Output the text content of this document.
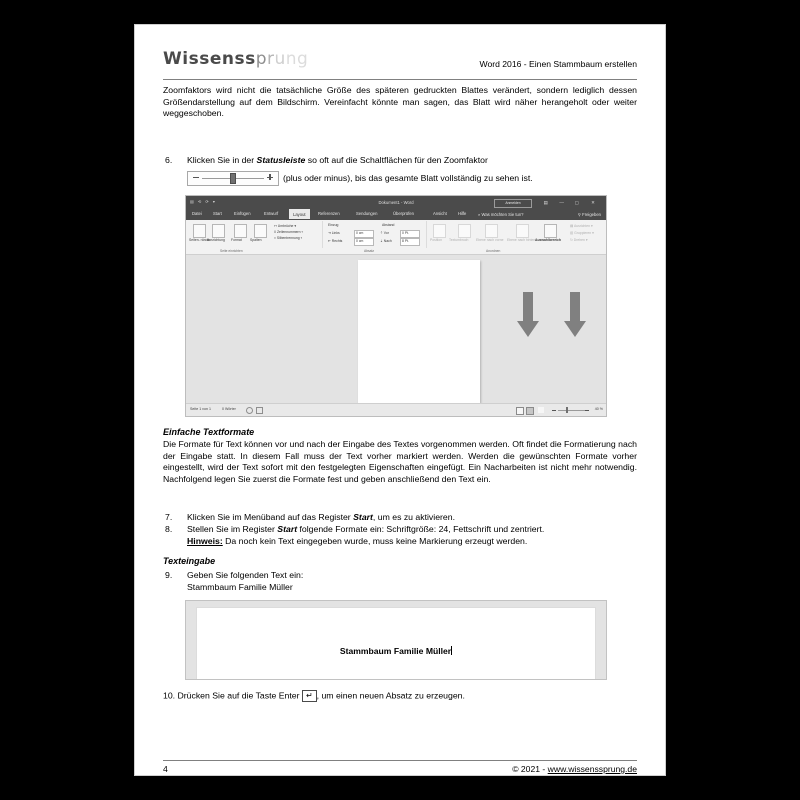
Wissenssprung	Word 2016 - Einen Stammbaum erstellen
Zoomfaktors wird nicht die tatsächliche Größe des späteren gedruckten Blattes verändert, sondern lediglich dessen Größendarstellung auf dem Bildschirm. Vereinfacht könnte man sagen, das Blatt wird näher herangeholt oder weiter weggeschoben.
6.	Klicken Sie in der Statusleiste so oft auf die Schaltflächen für den Zoomfaktor
(plus oder minus), bis das gesamte Blatt vollständig zu sehen ist.
▤ ⟲ ⟳ ▾	Dokument1 - Word	Anmelden	▤ — ▢	✕
Datei	Start	Einfügen	Entwurf	Layout	Referenzen	Sendungen	Überprüfen	Ansicht	Hilfe	⌕ Was möchten Sie tun?	⚲ Freigeben
Seiten- ränder
Ausrichtung Format Spalten
↤ Umbrüche ▾
⌸ Zeilennummern ▾
⌗ Silbentrennung ▾
Seite einrichten
Einzug
⇥ Links	0 cm
⇤ Rechts	0 cm
Abstand
⇡ Vor	0 Pt.
⇣ Nach	8 Pt.
Absatz
Position Textumbruch Ebene nach vorne Ebene nach hinten Auswahlbereich
▤ Ausrichten ▾
▥ Gruppieren ▾
↻ Drehen ▾
Anordnen
Seite 1 von 1	0 Wörter	40 %
Einfache Textformate
Die Formate für Text können vor und nach der Eingabe des Textes vorgenommen werden. Oft findet die Formatierung nach der Eingabe statt. In diesem Fall muss der Text vorher markiert werden. Werden die gewünschten Formate vorher eingestellt, wird der Text sofort mit den festgelegten Eigenschaften eingefügt. Ein Nacharbeiten ist nicht mehr notwendig. Nachfolgend legen Sie zuerst die Formate fest und geben anschließend den Text ein.
7.	Klicken Sie im Menüband auf das Register Start, um es zu aktivieren.
8.	Stellen Sie im Register Start folgende Formate ein: Schriftgröße: 24, Fettschrift und zentriert.
Hinweis: Da noch kein Text eingegeben wurde, muss keine Markierung erzeugt werden.
Texteingabe
9.	Geben Sie folgenden Text ein:
Stammbaum Familie Müller
Stammbaum Familie Müller
10. Drücken Sie auf die Taste Enter ↵ , um einen neuen Absatz zu erzeugen.
4	© 2021 - www.wissenssprung.de
